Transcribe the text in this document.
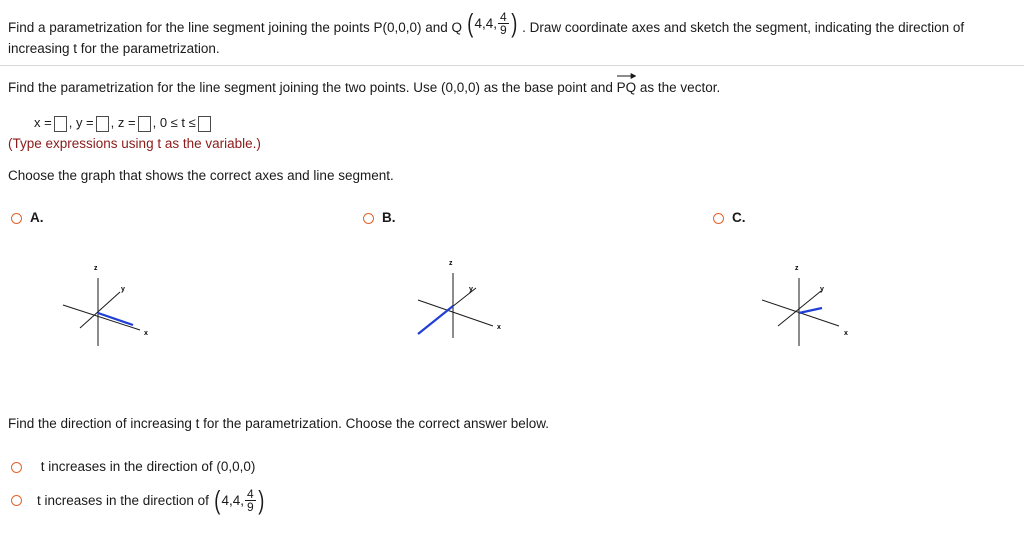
Find a parametrization for the line segment joining the points P(0,0,0) and Q ( 4,4, $\frac{4}{9}$ ) . Draw coordinate axes and sketch the segment, indicating the direction of
increasing t for the parametrization.
Find the parametrization for the line segment joining the two points. Use (0,0,0) as the base point and PQ as the vector.
x = , y = , z = , 0 ≤ t ≤
(Type expressions using t as the variable.)
Choose the graph that shows the correct axes and line segment.
A.	B.	C.
z
y
x
z
y
x
z
y
x
Find the direction of increasing t for the parametrization. Choose the correct answer below.
t increases in the direction of (0,0,0)
t increases in the direction of ( 4,4, $\frac{4}{9}$ )
